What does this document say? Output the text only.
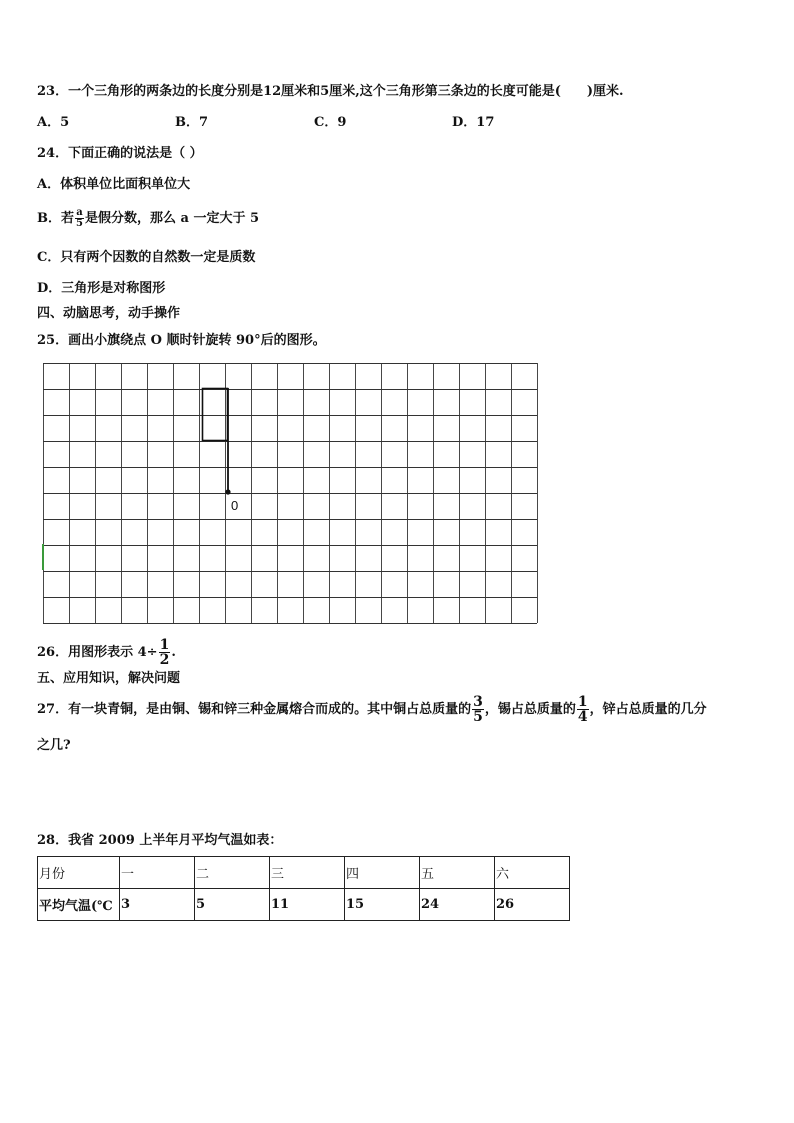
23．一个三角形的两条边的长度分别是12厘米和5厘米,这个三角形第三条边的长度可能是(　　)厘米.
A．5	B．7	C．9	D．17
24．下面正确的说法是（ ）
A．体积单位比面积单位大
B．若 $\frac{a}{5}$ 是假分数，那么 a 一定大于 5
C．只有两个因数的自然数一定是质数
D．三角形是对称图形
四、动脑思考，动手操作
25．画出小旗绕点 O 顺时针旋转 90°后的图形。
0
26．用图形表示 $4\div \frac{1}{2}$ .
五、应用知识，解决问题
27．有一块青铜，是由铜、锡和锌三种金属熔合而成的。其中铜占总质量的 $\frac{3}{5}$ ，锡占总质量的 $\frac{1}{4}$ ，锌占总质量的几分
之几?
28．我省 2009 上半年月平均气温如表：
月份	一	二	三	四	五	六
平均气温(℃	3	5	11	15	24	26
